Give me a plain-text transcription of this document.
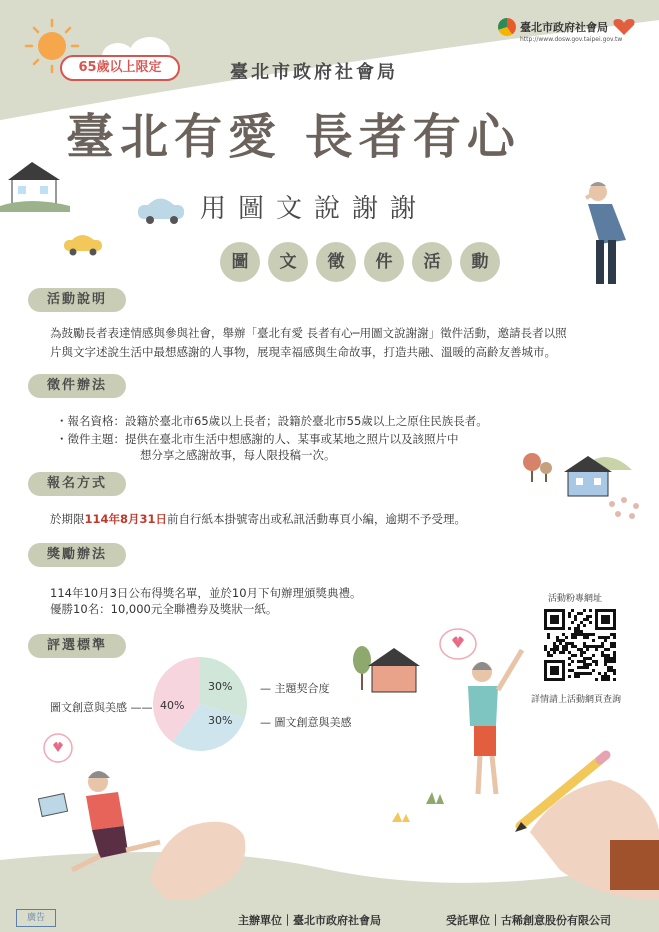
65歲以上限定	臺北市政府社會局
臺北有愛 長者有心
用圖文說謝謝
圖	文	徵	件	活	動
臺北市政府社會局
http://www.dosw.gov.taipei.gov.tw
活動說明
為鼓勵長者表達情感與參與社會，舉辦「臺北有愛 長者有心─用圖文說謝謝」徵件活動，邀請長者以照
片與文字述說生活中最想感謝的人事物，展現幸福感與生命故事，打造共融、溫暖的高齡友善城市。
徵件辦法
・報名資格：設籍於臺北市65歲以上長者；設籍於臺北市55歲以上之原住民族長者。
・徵件主題：提供在臺北市生活中想感謝的人、某事或某地之照片以及該照片中
想分享之感謝故事，每人限投稿一次。
報名方式
於期限114年8月31日前自行紙本掛號寄出或私訊活動專頁小編，逾期不予受理。
獎勵辦法
114年10月3日公布得獎名單，並於10月下旬辦理頒獎典禮。
優勝10名：10,000元全聯禮券及獎狀一紙。
評選標準
30%	— 主題契合度
30%	— 圖文創意與美感
圖文創意與美感 —— 40%
活動粉專網址
詳情請上活動網頁查詢
廣告	主辦單位｜臺北市政府社會局	受託單位｜古稀創意股份有限公司
